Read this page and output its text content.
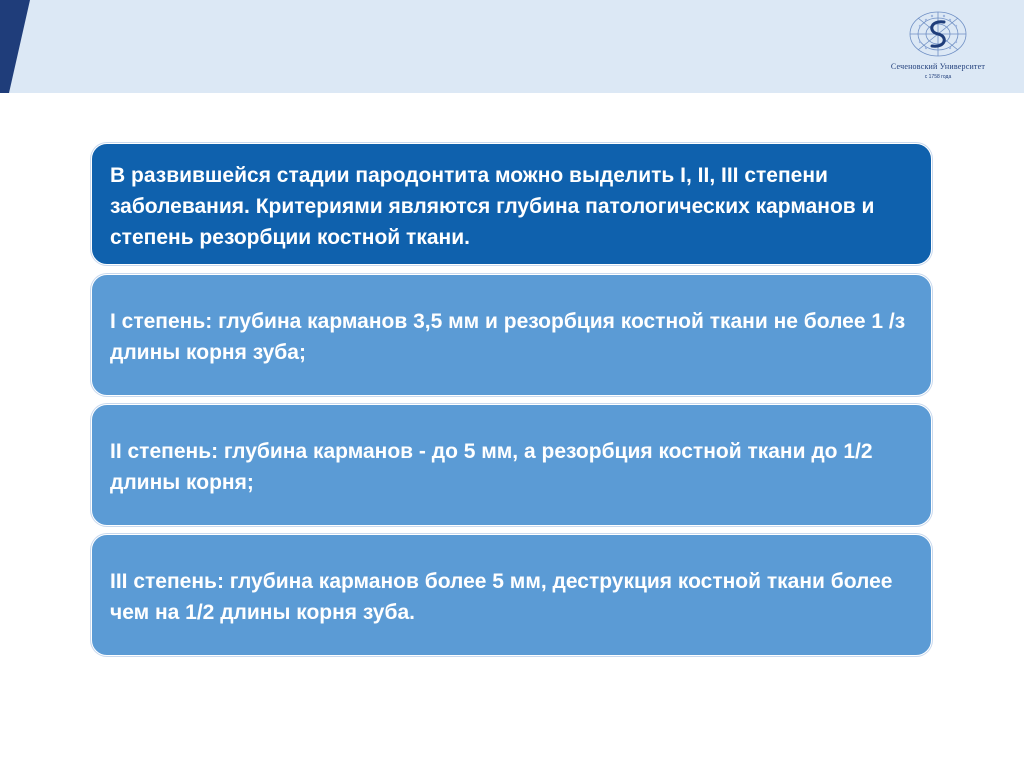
Сеченовский Университет
с 1758 года
В развившейся стадии пародонтита можно выделить I, II, III степени заболевания. Критериями являются глубина патологических карманов и степень резорбции костной ткани.
I степень: глубина карманов 3,5 мм и резорбция костной ткани не более 1 /з длины корня зуба;
II степень: глубина карманов - до 5 мм, а резорбция костной ткани до 1/2 длины корня;
III степень: глубина карманов более 5 мм, деструкция костной ткани более чем на 1/2 длины корня зуба.
